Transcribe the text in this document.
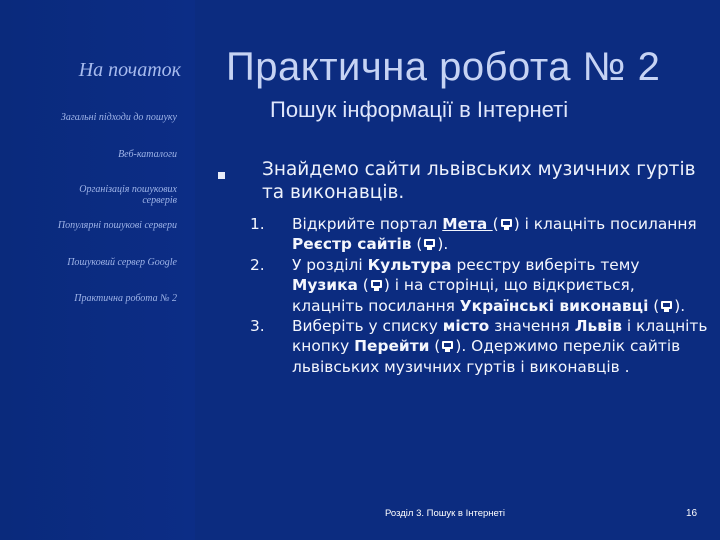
На початок
Загальні підходи до пошуку
Веб-каталоги
Організація пошукових серверів
Популярні пошукові сервери
Пошуковий сервер Google
Практична робота № 2
Практична робота № 2
Пошук інформації в Інтернеті
Знайдемо сайти львівських музичних гуртів та виконавців.
1.	Відкрийте портал Мета ( ) і клацніть посилання Реєстр сайтів ( ).
2.	У розділі Культура реєстру виберіть тему Музика ( ) і на сторінці, що відкриється, клацніть посилання Українські виконавці ( ).
3.	Виберіть у списку місто значення Львів і клацніть кнопку Перейти ( ). Одержимо перелік сайтів львівських музичних гуртів і виконавців .
Розділ 3. Пошук в Інтернеті	16
